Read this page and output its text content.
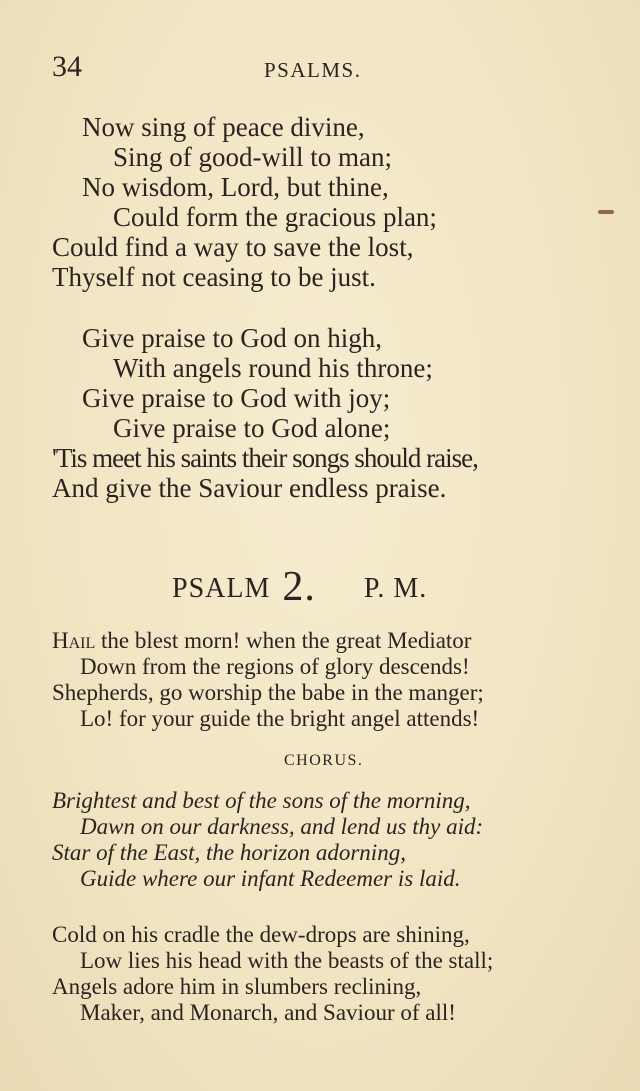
34	PSALMS.
Now sing of peace divine,
Sing of good-will to man;
No wisdom, Lord, but thine,
Could form the gracious plan;
Could find a way to save the lost,
Thyself not ceasing to be just.
Give praise to God on high,
With angels round his throne;
Give praise to God with joy;
Give praise to God alone;
'Tis meet his saints their songs should raise,
And give the Saviour endless praise.
PSALM 2. P. M.
Hail the blest morn! when the great Mediator
Down from the regions of glory descends!
Shepherds, go worship the babe in the manger;
Lo! for your guide the bright angel attends!
CHORUS.
Brightest and best of the sons of the morning,
Dawn on our darkness, and lend us thy aid:
Star of the East, the horizon adorning,
Guide where our infant Redeemer is laid.
Cold on his cradle the dew-drops are shining,
Low lies his head with the beasts of the stall;
Angels adore him in slumbers reclining,
Maker, and Monarch, and Saviour of all!
